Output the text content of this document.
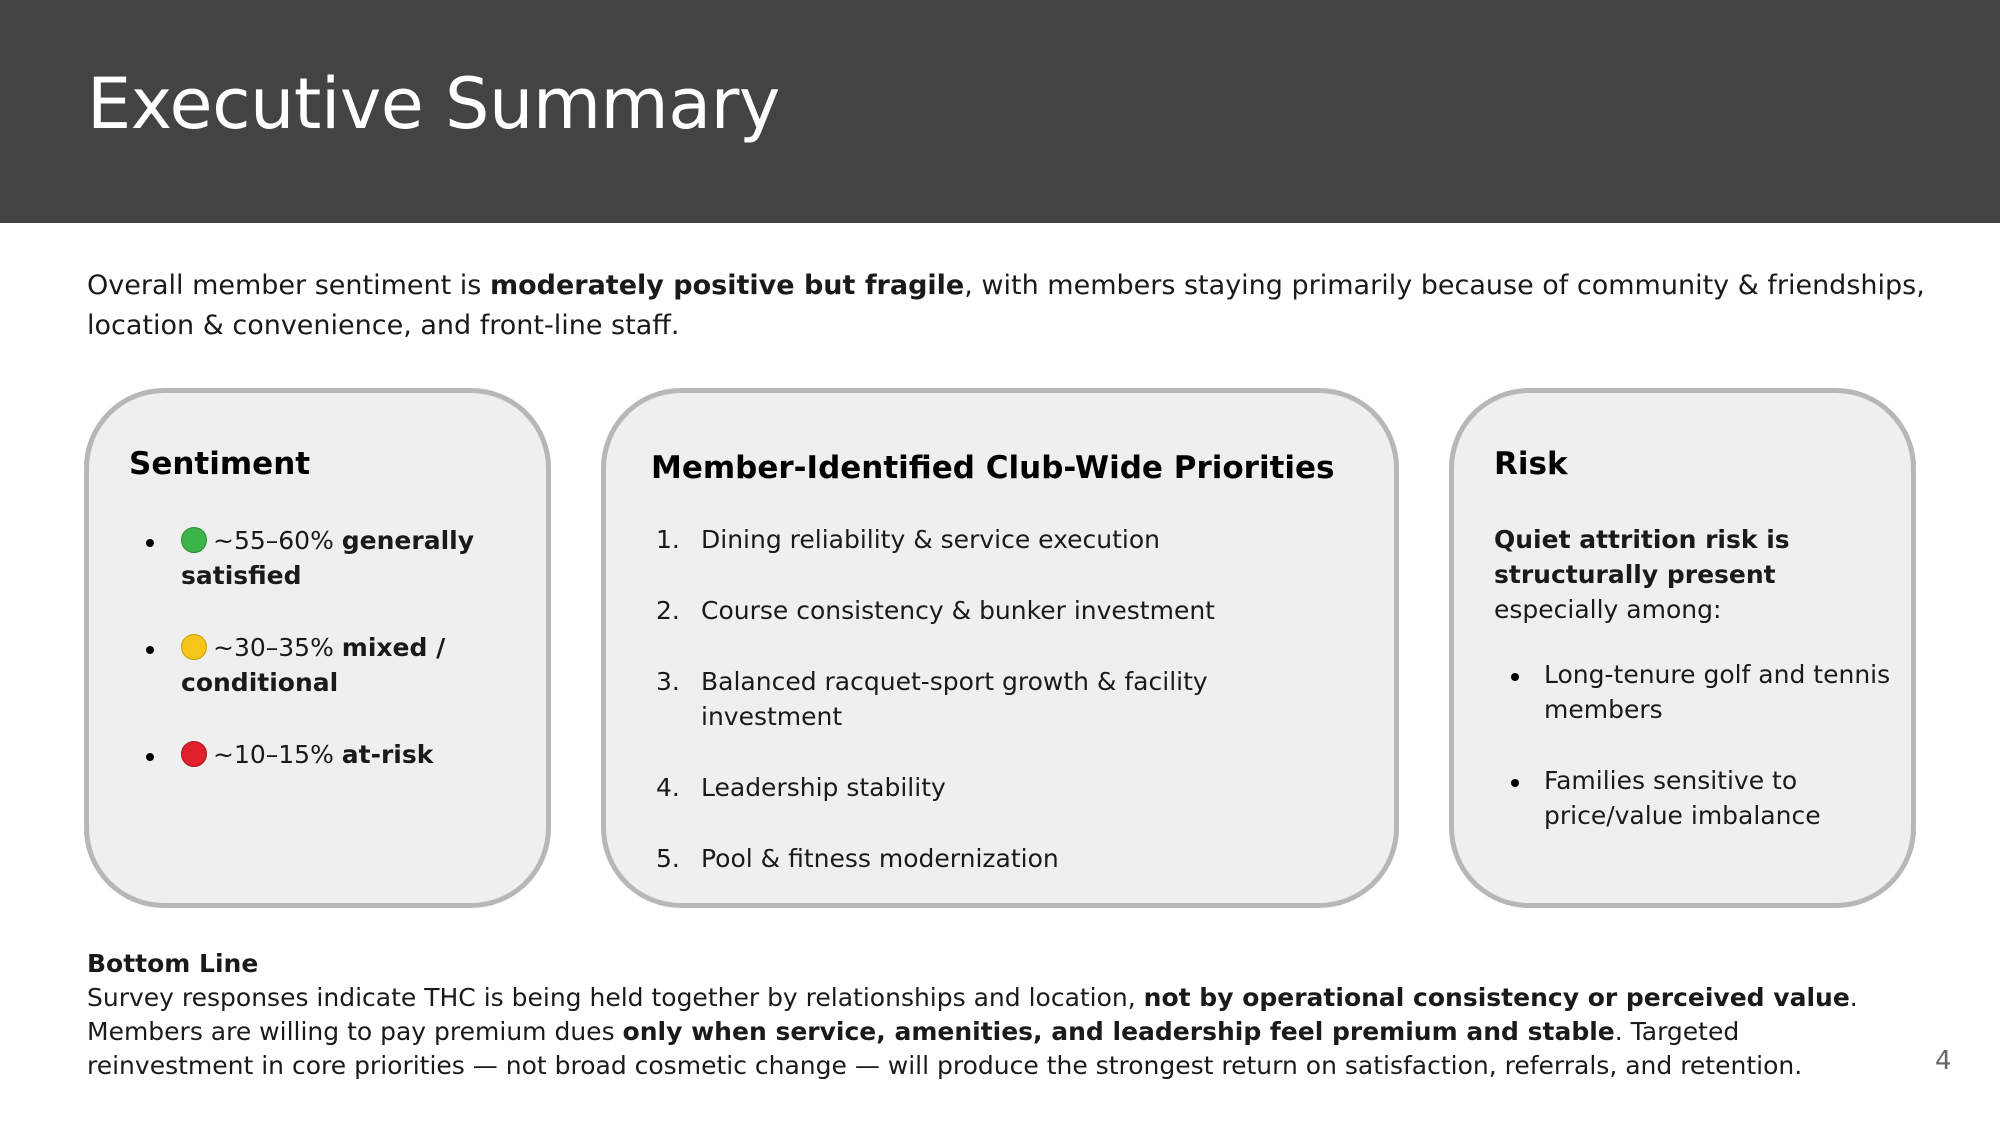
Executive Summary

Overall member sentiment is moderately positive but fragile, with members staying primarily because of community & friendships, location & convenience, and front-line staff.

Sentiment
~55–60% generally satisfied
~30–35% mixed / conditional
~10–15% at-risk
Member-Identified Club-Wide Priorities
1. Dining reliability & service execution
2. Course consistency & bunker investment
3. Balanced racquet-sport growth & facility investment
4. Leadership stability
5. Pool & fitness modernization
Risk

Quiet attrition risk is structurally present especially among:

Long-tenure golf and tennis members
Families sensitive to price/value imbalance
Bottom Line

Survey responses indicate THC is being held together by relationships and location, not by operational consistency or perceived value. Members are willing to pay premium dues only when service, amenities, and leadership feel premium and stable. Targeted reinvestment in core priorities — not broad cosmetic change — will produce the strongest return on satisfaction, referrals, and retention.	4
